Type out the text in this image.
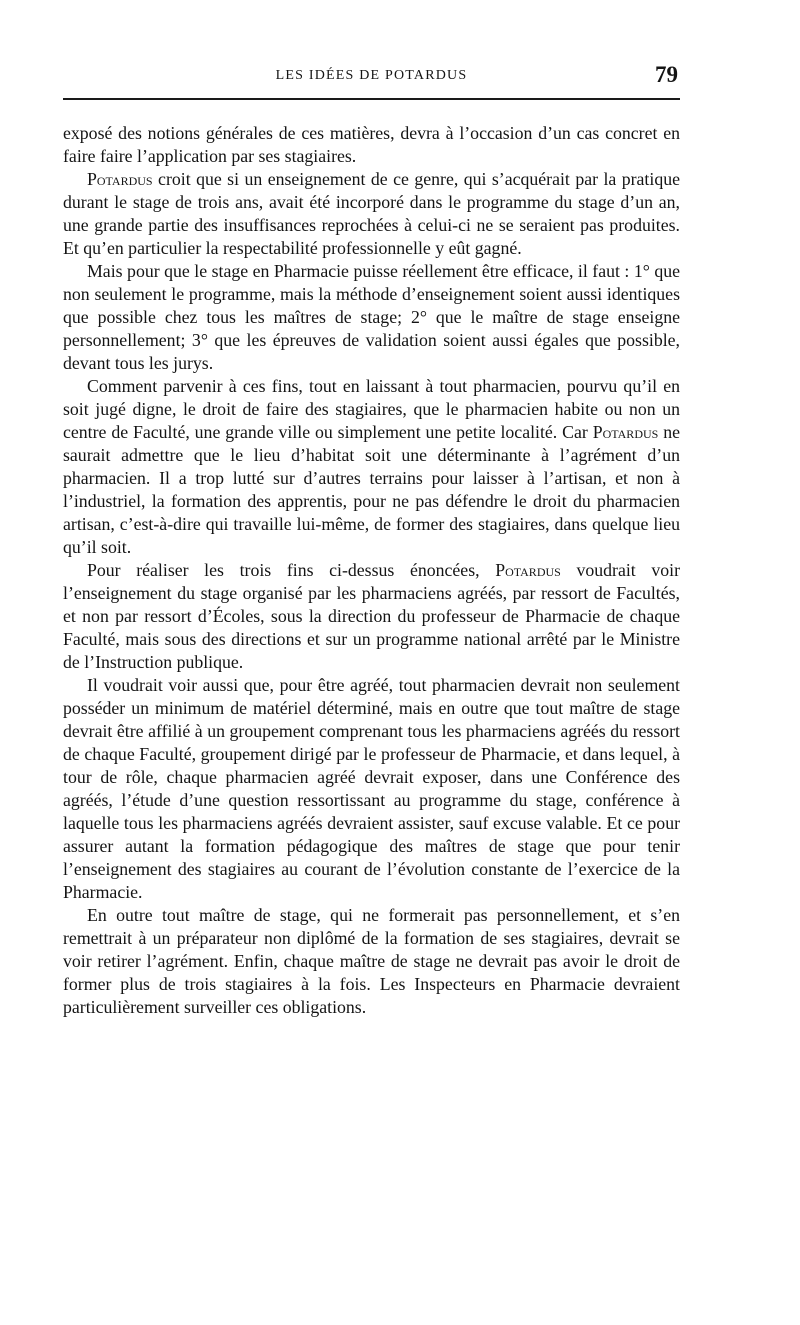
LES IDÉES DE POTARDUS	79

exposé des notions générales de ces matières, devra à l’occasion d’un cas concret en faire faire l’application par ses stagiaires.

Potardus croit que si un enseignement de ce genre, qui s’acquérait par la pratique durant le stage de trois ans, avait été incorporé dans le programme du stage d’un an, une grande partie des insuffisances reprochées à celui-ci ne se seraient pas produites. Et qu’en particulier la respectabilité professionnelle y eût gagné.

Mais pour que le stage en Pharmacie puisse réellement être efficace, il faut : 1° que non seulement le programme, mais la méthode d’enseignement soient aussi identiques que possible chez tous les maîtres de stage; 2° que le maître de stage enseigne personnellement; 3° que les épreuves de validation soient aussi égales que possible, devant tous les jurys.

Comment parvenir à ces fins, tout en laissant à tout pharmacien, pourvu qu’il en soit jugé digne, le droit de faire des stagiaires, que le pharmacien habite ou non un centre de Faculté, une grande ville ou simplement une petite localité. Car Potardus ne saurait admettre que le lieu d’habitat soit une déterminante à l’agrément d’un pharmacien. Il a trop lutté sur d’autres terrains pour laisser à l’artisan, et non à l’industriel, la formation des apprentis, pour ne pas défendre le droit du pharmacien artisan, c’est-à-dire qui travaille lui-même, de former des stagiaires, dans quelque lieu qu’il soit.

Pour réaliser les trois fins ci-dessus énoncées, Potardus voudrait voir l’enseignement du stage organisé par les pharmaciens agréés, par ressort de Facultés, et non par ressort d’Écoles, sous la direction du professeur de Pharmacie de chaque Faculté, mais sous des directions et sur un programme national arrêté par le Ministre de l’Instruction publique.

Il voudrait voir aussi que, pour être agréé, tout pharmacien devrait non seulement posséder un minimum de matériel déterminé, mais en outre que tout maître de stage devrait être affilié à un groupement comprenant tous les pharmaciens agréés du ressort de chaque Faculté, groupement dirigé par le professeur de Pharmacie, et dans lequel, à tour de rôle, chaque pharmacien agréé devrait exposer, dans une Conférence des agréés, l’étude d’une question ressortissant au programme du stage, conférence à laquelle tous les pharmaciens agréés devraient assister, sauf excuse valable. Et ce pour assurer autant la formation pédagogique des maîtres de stage que pour tenir l’enseignement des stagiaires au courant de l’évolution constante de l’exercice de la Pharmacie.

En outre tout maître de stage, qui ne formerait pas personnellement, et s’en remettrait à un préparateur non diplômé de la formation de ses stagiaires, devrait se voir retirer l’agrément. Enfin, chaque maître de stage ne devrait pas avoir le droit de former plus de trois stagiaires à la fois. Les Inspecteurs en Pharmacie devraient particulièrement surveiller ces obligations.
